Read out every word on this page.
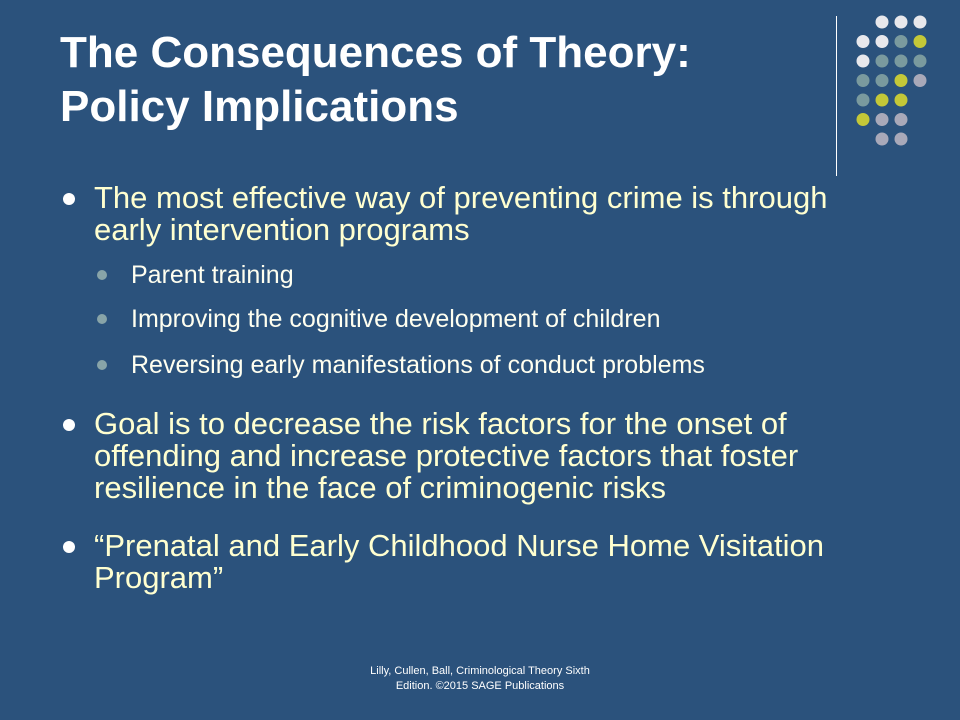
The Consequences of Theory:
Policy Implications
The most effective way of preventing crime is through early intervention programs
Parent training
Improving the cognitive development of children
Reversing early manifestations of conduct problems
Goal is to decrease the risk factors for the onset of offending and increase protective factors that foster resilience in the face of criminogenic risks
“Prenatal and Early Childhood Nurse Home Visitation Program”
Lilly, Cullen, Ball, Criminological Theory Sixth
Edition. ©2015 SAGE Publications
